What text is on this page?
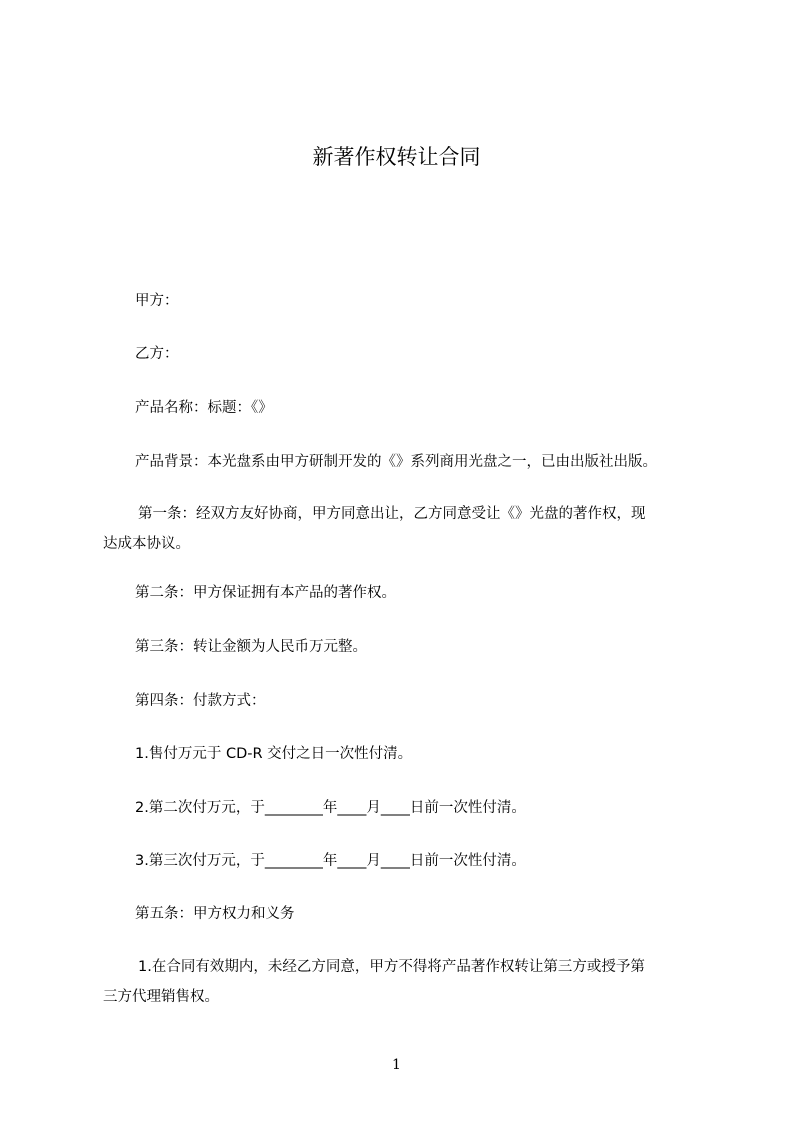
新著作权转让合同
甲方：
乙方：
产品名称：标题：《》
产品背景：本光盘系由甲方研制开发的《》系列商用光盘之一，已由出版社出版。
第一条：经双方友好协商，甲方同意出让，乙方同意受让《》光盘的著作权，现
达成本协议。
第二条：甲方保证拥有本产品的著作权。
第三条：转让金额为人民币万元整。
第四条：付款方式：
1.售付万元于 CD-R 交付之日一次性付清。
2.第二次付万元，于________年____月____日前一次性付清。
3.第三次付万元，于________年____月____日前一次性付清。
第五条：甲方权力和义务
1.在合同有效期内，未经乙方同意，甲方不得将产品著作权转让第三方或授予第
三方代理销售权。
1
